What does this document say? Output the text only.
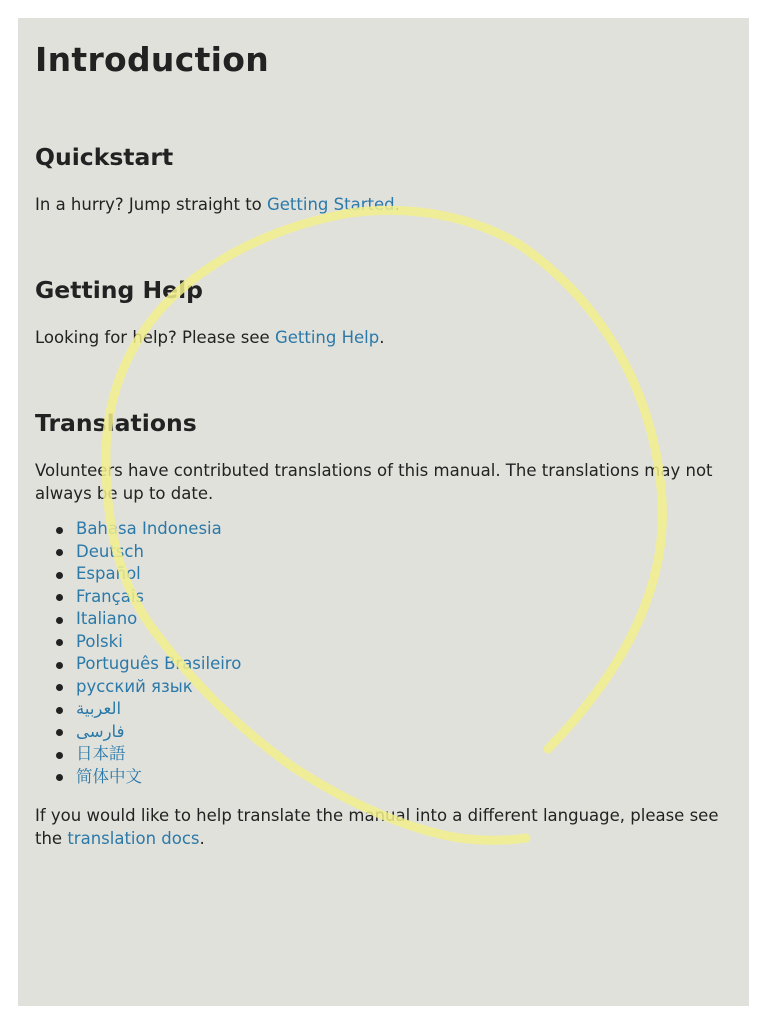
Introduction
Quickstart

In a hurry? Jump straight to Getting Started.

Getting Help

Looking for help? Please see Getting Help.

Translations

Volunteers have contributed translations of this manual. The translations may not always be up to date.

Bahasa Indonesia
Deutsch
Español
Français
Italiano
Polski
Português Brasileiro
русский язык
العربية
فارسی
日本語
简体中文

If you would like to help translate the manual into a different language, please see the translation docs.
